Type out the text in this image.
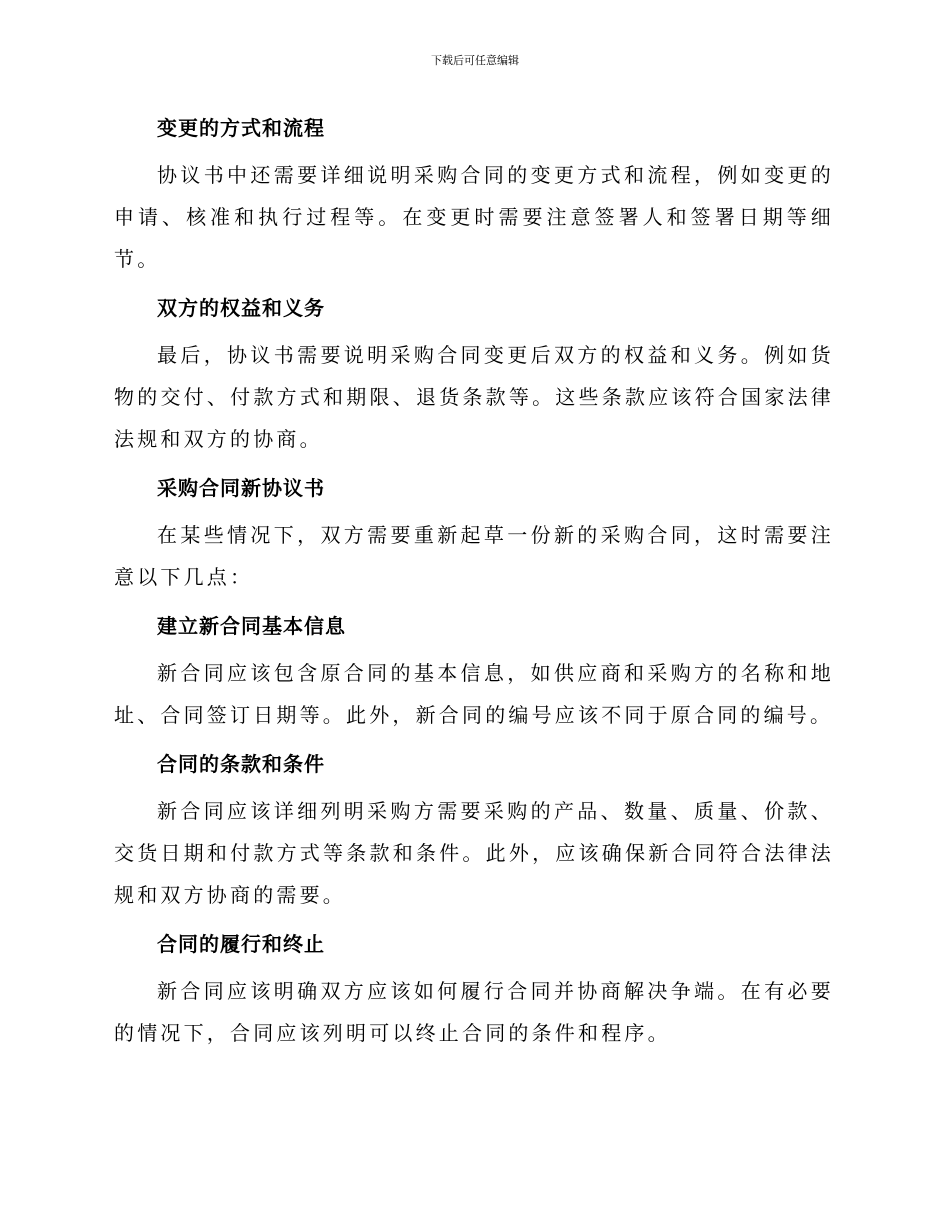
下载后可任意编辑
变更的方式和流程

协议书中还需要详细说明采购合同的变更方式和流程，例如变更的申请、核准和执行过程等。在变更时需要注意签署人和签署日期等细节。

双方的权益和义务

最后，协议书需要说明采购合同变更后双方的权益和义务。例如货物的交付、付款方式和期限、退货条款等。这些条款应该符合国家法律法规和双方的协商。

采购合同新协议书

在某些情况下，双方需要重新起草一份新的采购合同，这时需要注意以下几点：

建立新合同基本信息

新合同应该包含原合同的基本信息，如供应商和采购方的名称和地址、合同签订日期等。此外，新合同的编号应该不同于原合同的编号。

合同的条款和条件

新合同应该详细列明采购方需要采购的产品、数量、质量、价款、交货日期和付款方式等条款和条件。此外，应该确保新合同符合法律法规和双方协商的需要。

合同的履行和终止

新合同应该明确双方应该如何履行合同并协商解决争端。在有必要的情况下，合同应该列明可以终止合同的条件和程序。
